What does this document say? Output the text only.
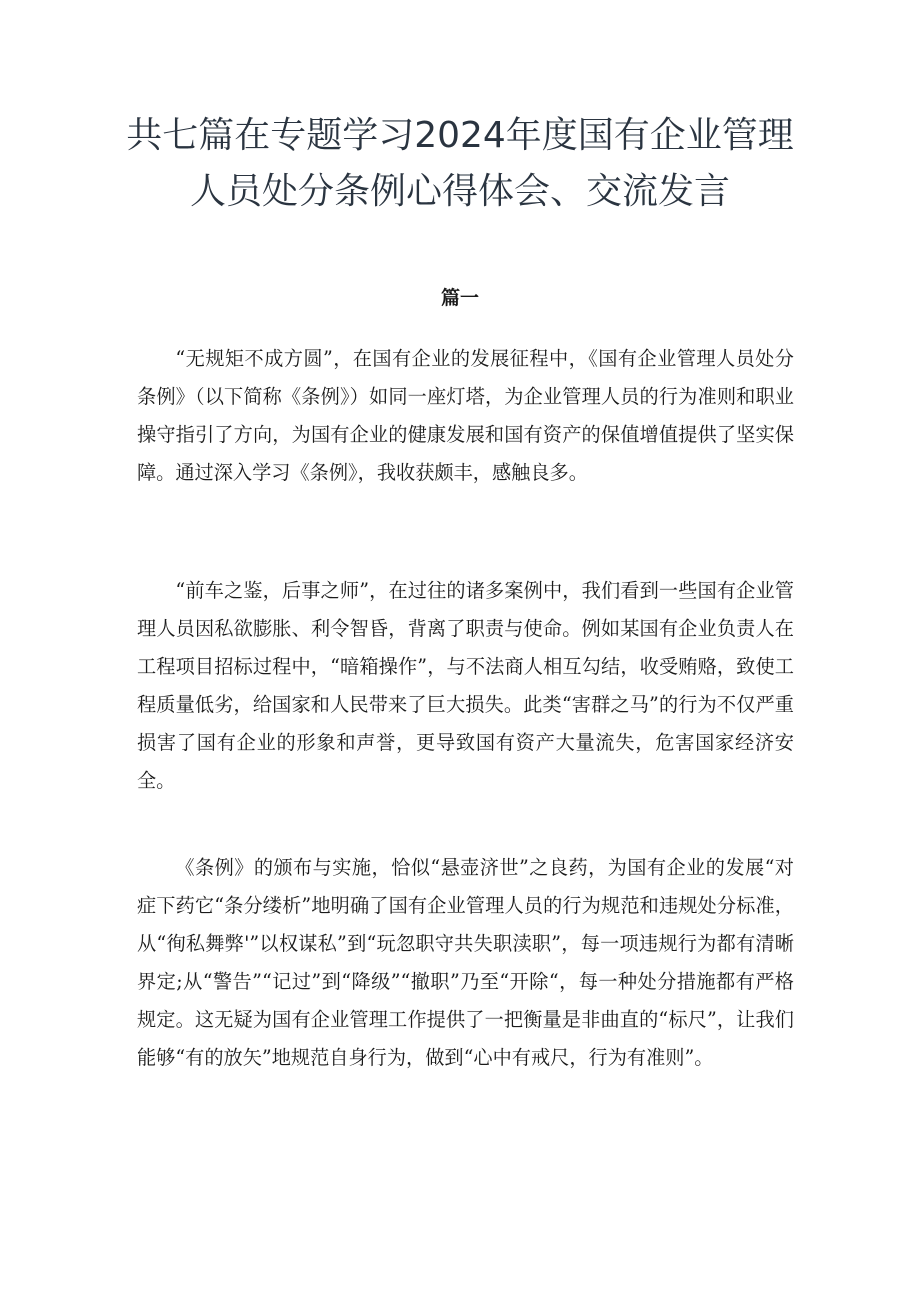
共七篇在专题学习2024年度国有企业管理
人员处分条例心得体会、交流发言
篇一

“无规矩不成方圆”，在国有企业的发展征程中，《国有企业管理人员处分条例》（以下简称《条例》）如同一座灯塔，为企业管理人员的行为准则和职业操守指引了方向，为国有企业的健康发展和国有资产的保值增值提供了坚实保障。通过深入学习《条例》，我收获颇丰，感触良多。

“前车之鉴，后事之师”，在过往的诸多案例中，我们看到一些国有企业管理人员因私欲膨胀、利令智昏，背离了职责与使命。例如某国有企业负责人在工程项目招标过程中，“暗箱操作”，与不法商人相互勾结，收受贿赂，致使工程质量低劣，给国家和人民带来了巨大损失。此类“害群之马”的行为不仅严重损害了国有企业的形象和声誉，更导致国有资产大量流失，危害国家经济安全。

《条例》的颁布与实施，恰似“悬壶济世”之良药，为国有企业的发展“对症下药它“条分缕析”地明确了国有企业管理人员的行为规范和违规处分标准，从“徇私舞弊'”以权谋私”到“玩忽职守共失职渎职”，每一项违规行为都有清晰界定;从“警告”“记过”到“降级”“撤职”乃至“开除“，每一种处分措施都有严格规定。这无疑为国有企业管理工作提供了一把衡量是非曲直的“标尺”，让我们能够“有的放矢”地规范自身行为，做到“心中有戒尺，行为有准则”。
